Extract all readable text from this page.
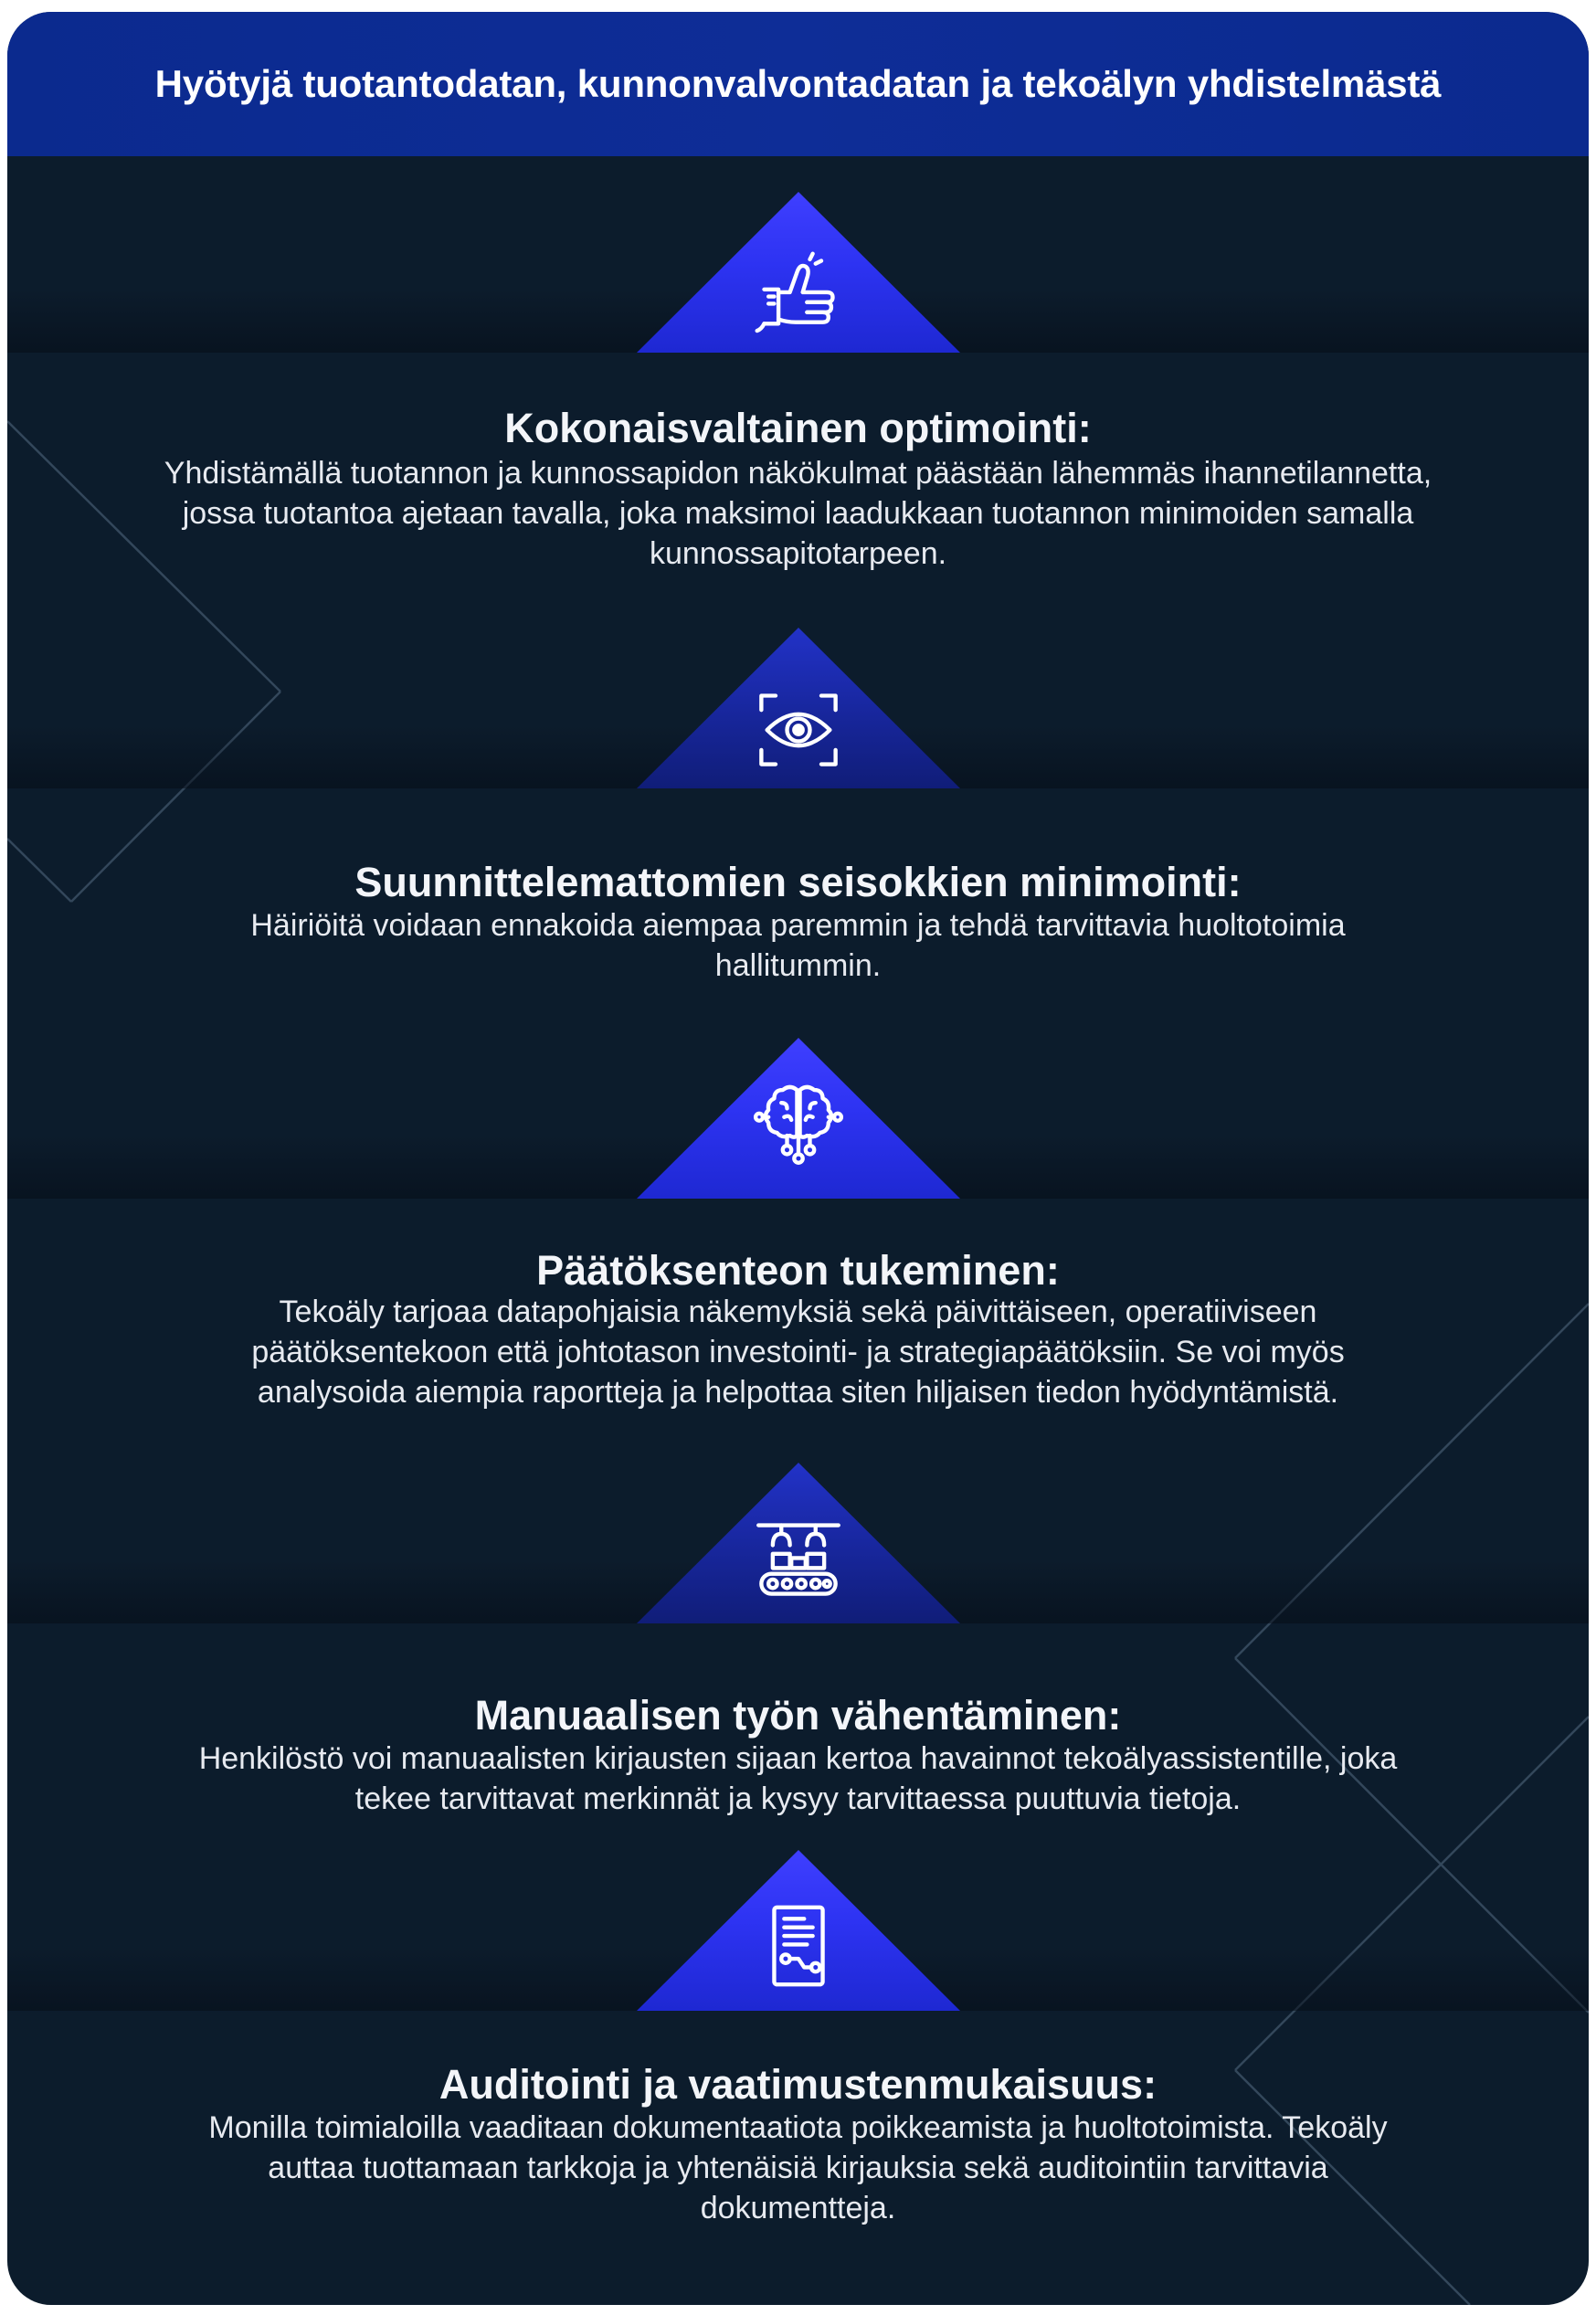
Hyötyjä tuotantodatan, kunnonvalvontadatan ja tekoälyn yhdistelmästä
Kokonaisvaltainen optimointi:
Yhdistämällä tuotannon ja kunnossapidon näkökulmat päästään lähemmäs ihannetilannetta,
jossa tuotantoa ajetaan tavalla, joka maksimoi laadukkaan tuotannon minimoiden samalla
kunnossapitotarpeen.
Suunnittelemattomien seisokkien minimointi:
Häiriöitä voidaan ennakoida aiempaa paremmin ja tehdä tarvittavia huoltotoimia
hallitummin.
Päätöksenteon tukeminen:
Tekoäly tarjoaa datapohjaisia näkemyksiä sekä päivittäiseen, operatiiviseen
päätöksentekoon että johtotason investointi- ja strategiapäätöksiin. Se voi myös
analysoida aiempia raportteja ja helpottaa siten hiljaisen tiedon hyödyntämistä.
Manuaalisen työn vähentäminen:
Henkilöstö voi manuaalisten kirjausten sijaan kertoa havainnot tekoälyassistentille, joka
tekee tarvittavat merkinnät ja kysyy tarvittaessa puuttuvia tietoja.
Auditointi ja vaatimustenmukaisuus:
Monilla toimialoilla vaaditaan dokumentaatiota poikkeamista ja huoltotoimista. Tekoäly
auttaa tuottamaan tarkkoja ja yhtenäisiä kirjauksia sekä auditointiin tarvittavia
dokumentteja.
